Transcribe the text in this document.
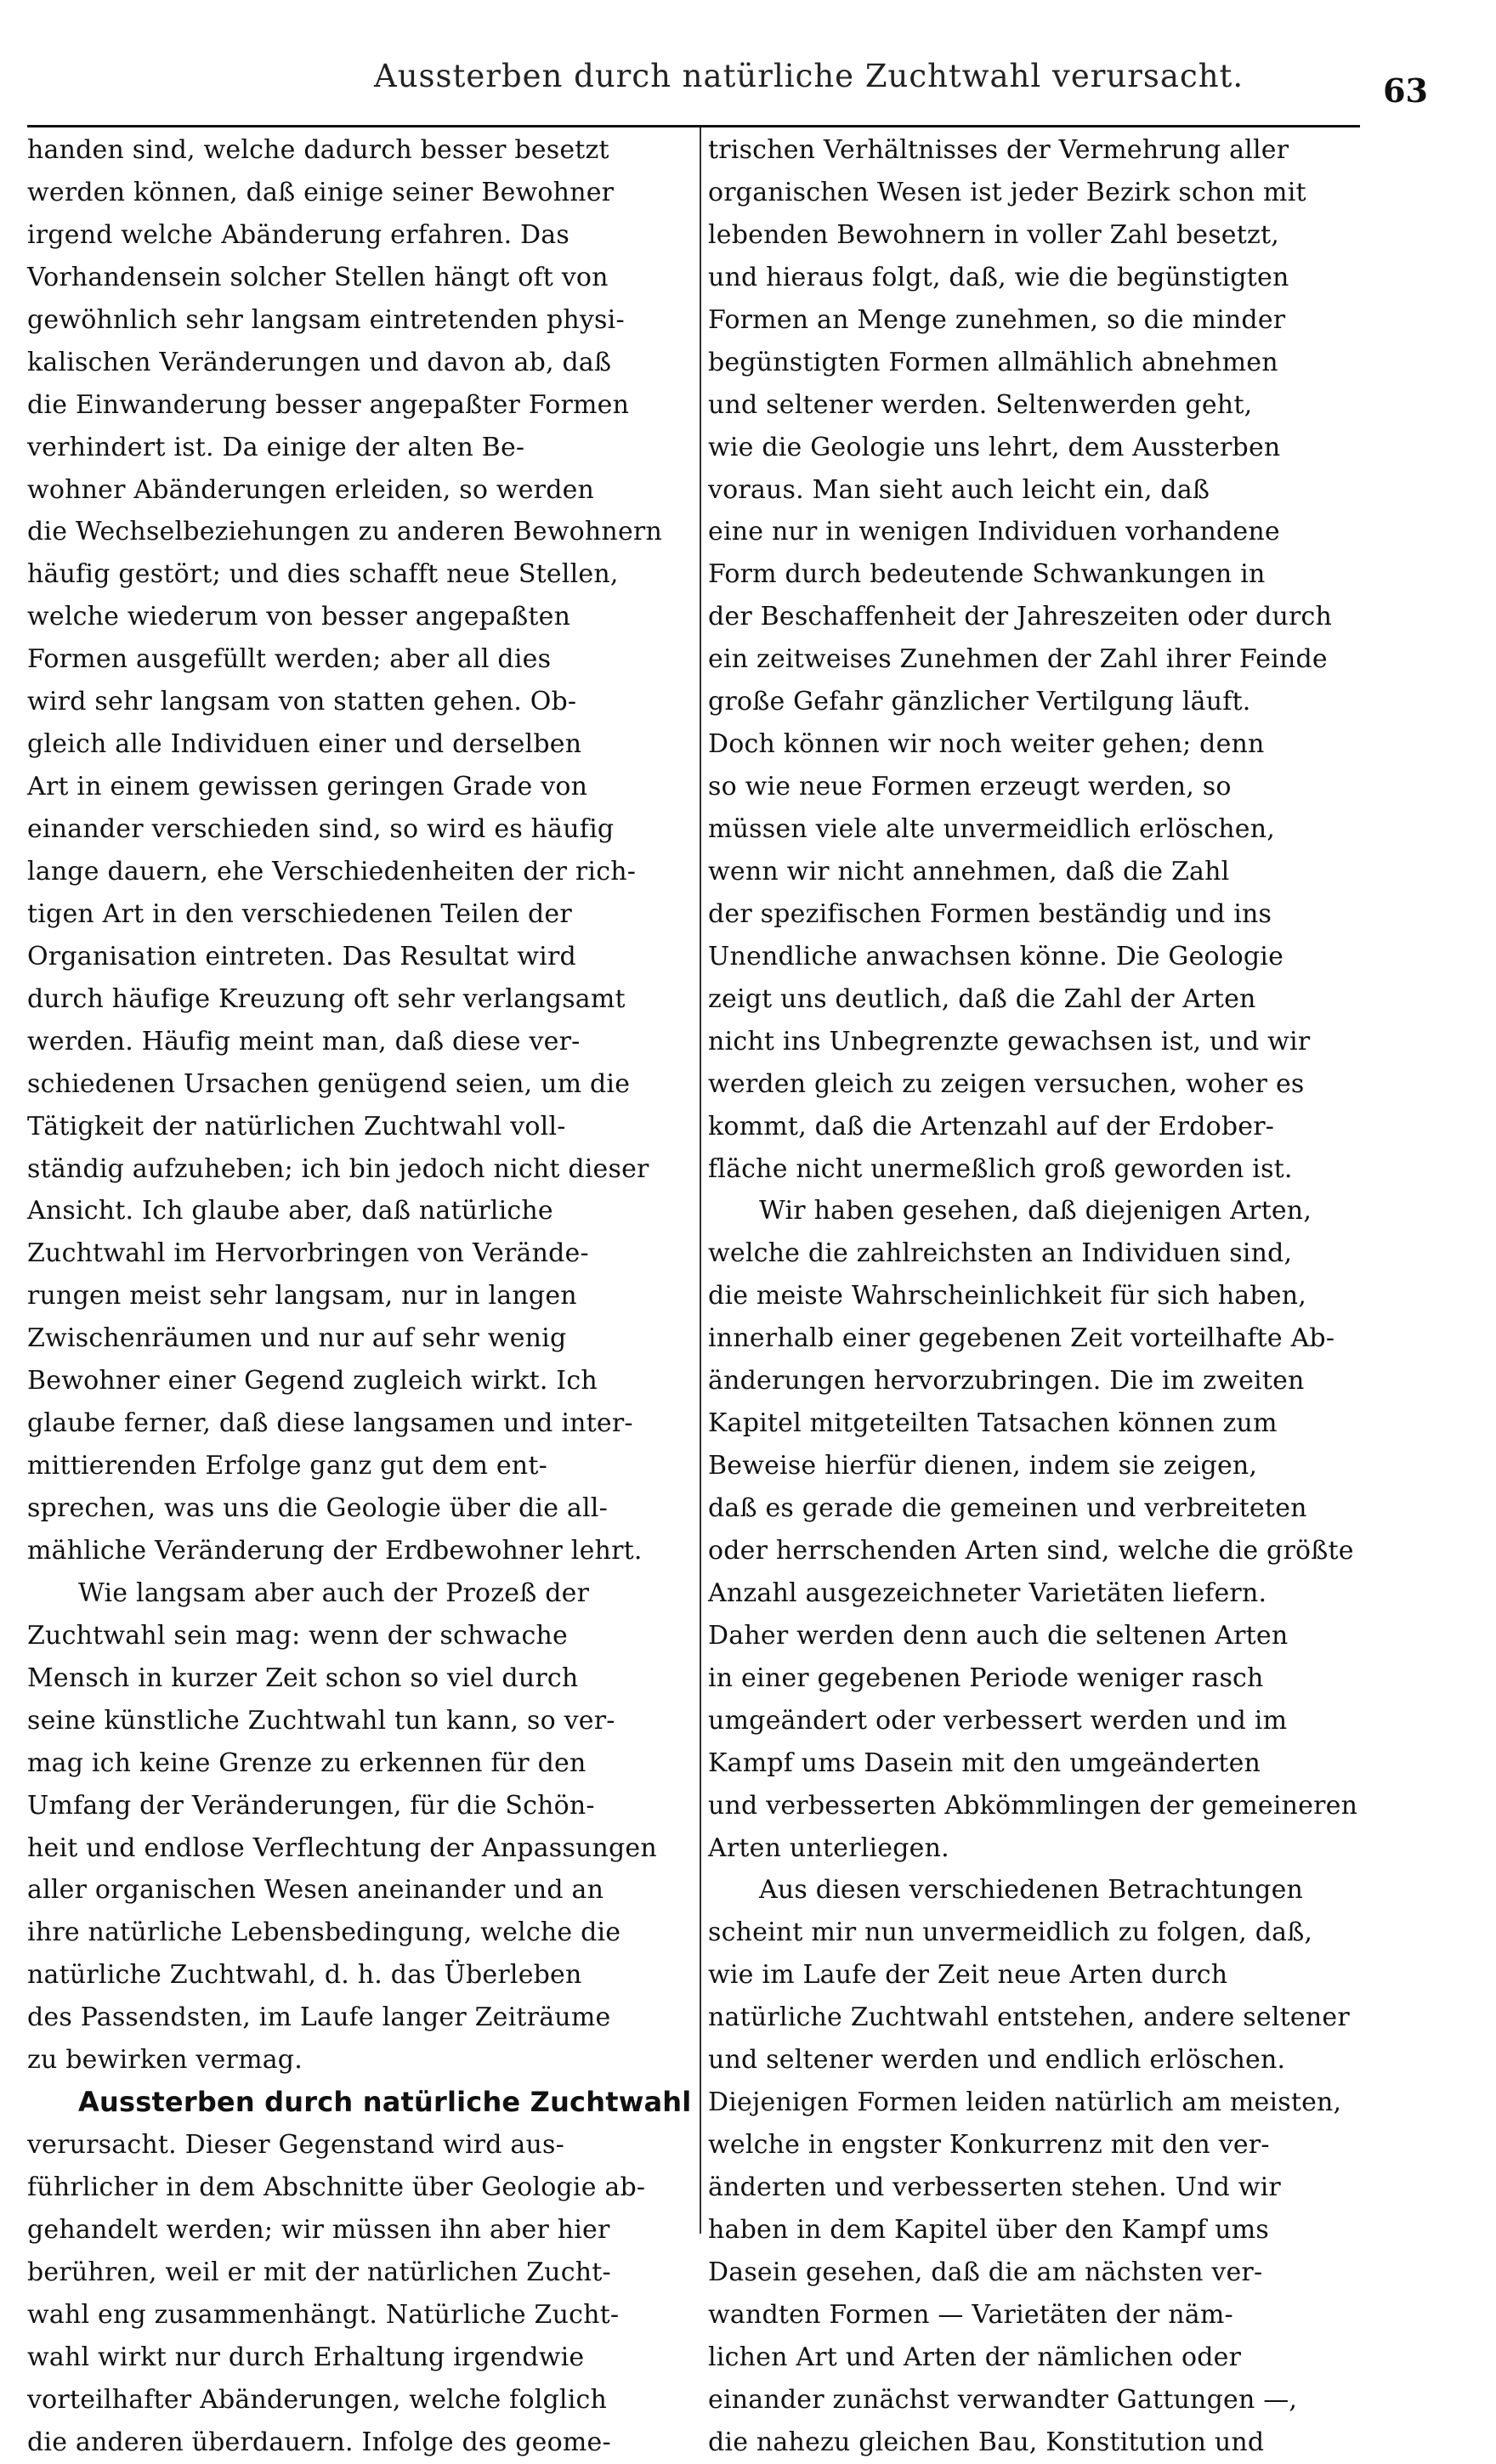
Aussterben durch natürliche Zuchtwahl verursacht.	63
handen sind, welche dadurch besser besetzt
werden können, daß einige seiner Bewohner
irgend welche Abänderung erfahren. Das
Vorhandensein solcher Stellen hängt oft von
gewöhnlich sehr langsam eintretenden physi-
kalischen Veränderungen und davon ab, daß
die Einwanderung besser angepaßter Formen
verhindert ist. Da einige der alten Be-
wohner Abänderungen erleiden, so werden
die Wechselbeziehungen zu anderen Bewohnern
häufig gestört; und dies schafft neue Stellen,
welche wiederum von besser angepaßten
Formen ausgefüllt werden; aber all dies
wird sehr langsam von statten gehen. Ob-
gleich alle Individuen einer und derselben
Art in einem gewissen geringen Grade von
einander verschieden sind, so wird es häufig
lange dauern, ehe Verschiedenheiten der rich-
tigen Art in den verschiedenen Teilen der
Organisation eintreten. Das Resultat wird
durch häufige Kreuzung oft sehr verlangsamt
werden. Häufig meint man, daß diese ver-
schiedenen Ursachen genügend seien, um die
Tätigkeit der natürlichen Zuchtwahl voll-
ständig aufzuheben; ich bin jedoch nicht dieser
Ansicht. Ich glaube aber, daß natürliche
Zuchtwahl im Hervorbringen von Verände-
rungen meist sehr langsam, nur in langen
Zwischenräumen und nur auf sehr wenig
Bewohner einer Gegend zugleich wirkt. Ich
glaube ferner, daß diese langsamen und inter-
mittierenden Erfolge ganz gut dem ent-
sprechen, was uns die Geologie über die all-
mähliche Veränderung der Erdbewohner lehrt.
Wie langsam aber auch der Prozeß der
Zuchtwahl sein mag: wenn der schwache
Mensch in kurzer Zeit schon so viel durch
seine künstliche Zuchtwahl tun kann, so ver-
mag ich keine Grenze zu erkennen für den
Umfang der Veränderungen, für die Schön-
heit und endlose Verflechtung der Anpassungen
aller organischen Wesen aneinander und an
ihre natürliche Lebensbedingung, welche die
natürliche Zuchtwahl, d. h. das Überleben
des Passendsten, im Laufe langer Zeiträume
zu bewirken vermag.
Aussterben durch natürliche Zuchtwahl
verursacht. Dieser Gegenstand wird aus-
führlicher in dem Abschnitte über Geologie ab-
gehandelt werden; wir müssen ihn aber hier
berühren, weil er mit der natürlichen Zucht-
wahl eng zusammenhängt. Natürliche Zucht-
wahl wirkt nur durch Erhaltung irgendwie
vorteilhafter Abänderungen, welche folglich
die anderen überdauern. Infolge des geome-
trischen Verhältnisses der Vermehrung aller
organischen Wesen ist jeder Bezirk schon mit
lebenden Bewohnern in voller Zahl besetzt,
und hieraus folgt, daß, wie die begünstigten
Formen an Menge zunehmen, so die minder
begünstigten Formen allmählich abnehmen
und seltener werden. Seltenwerden geht,
wie die Geologie uns lehrt, dem Aussterben
voraus. Man sieht auch leicht ein, daß
eine nur in wenigen Individuen vorhandene
Form durch bedeutende Schwankungen in
der Beschaffenheit der Jahreszeiten oder durch
ein zeitweises Zunehmen der Zahl ihrer Feinde
große Gefahr gänzlicher Vertilgung läuft.
Doch können wir noch weiter gehen; denn
so wie neue Formen erzeugt werden, so
müssen viele alte unvermeidlich erlöschen,
wenn wir nicht annehmen, daß die Zahl
der spezifischen Formen beständig und ins
Unendliche anwachsen könne. Die Geologie
zeigt uns deutlich, daß die Zahl der Arten
nicht ins Unbegrenzte gewachsen ist, und wir
werden gleich zu zeigen versuchen, woher es
kommt, daß die Artenzahl auf der Erdober-
fläche nicht unermeßlich groß geworden ist.
Wir haben gesehen, daß diejenigen Arten,
welche die zahlreichsten an Individuen sind,
die meiste Wahrscheinlichkeit für sich haben,
innerhalb einer gegebenen Zeit vorteilhafte Ab-
änderungen hervorzubringen. Die im zweiten
Kapitel mitgeteilten Tatsachen können zum
Beweise hierfür dienen, indem sie zeigen,
daß es gerade die gemeinen und verbreiteten
oder herrschenden Arten sind, welche die größte
Anzahl ausgezeichneter Varietäten liefern.
Daher werden denn auch die seltenen Arten
in einer gegebenen Periode weniger rasch
umgeändert oder verbessert werden und im
Kampf ums Dasein mit den umgeänderten
und verbesserten Abkömmlingen der gemeineren
Arten unterliegen.
Aus diesen verschiedenen Betrachtungen
scheint mir nun unvermeidlich zu folgen, daß,
wie im Laufe der Zeit neue Arten durch
natürliche Zuchtwahl entstehen, andere seltener
und seltener werden und endlich erlöschen.
Diejenigen Formen leiden natürlich am meisten,
welche in engster Konkurrenz mit den ver-
änderten und verbesserten stehen. Und wir
haben in dem Kapitel über den Kampf ums
Dasein gesehen, daß die am nächsten ver-
wandten Formen — Varietäten der näm-
lichen Art und Arten der nämlichen oder
einander zunächst verwandter Gattungen —,
die nahezu gleichen Bau, Konstitution und
